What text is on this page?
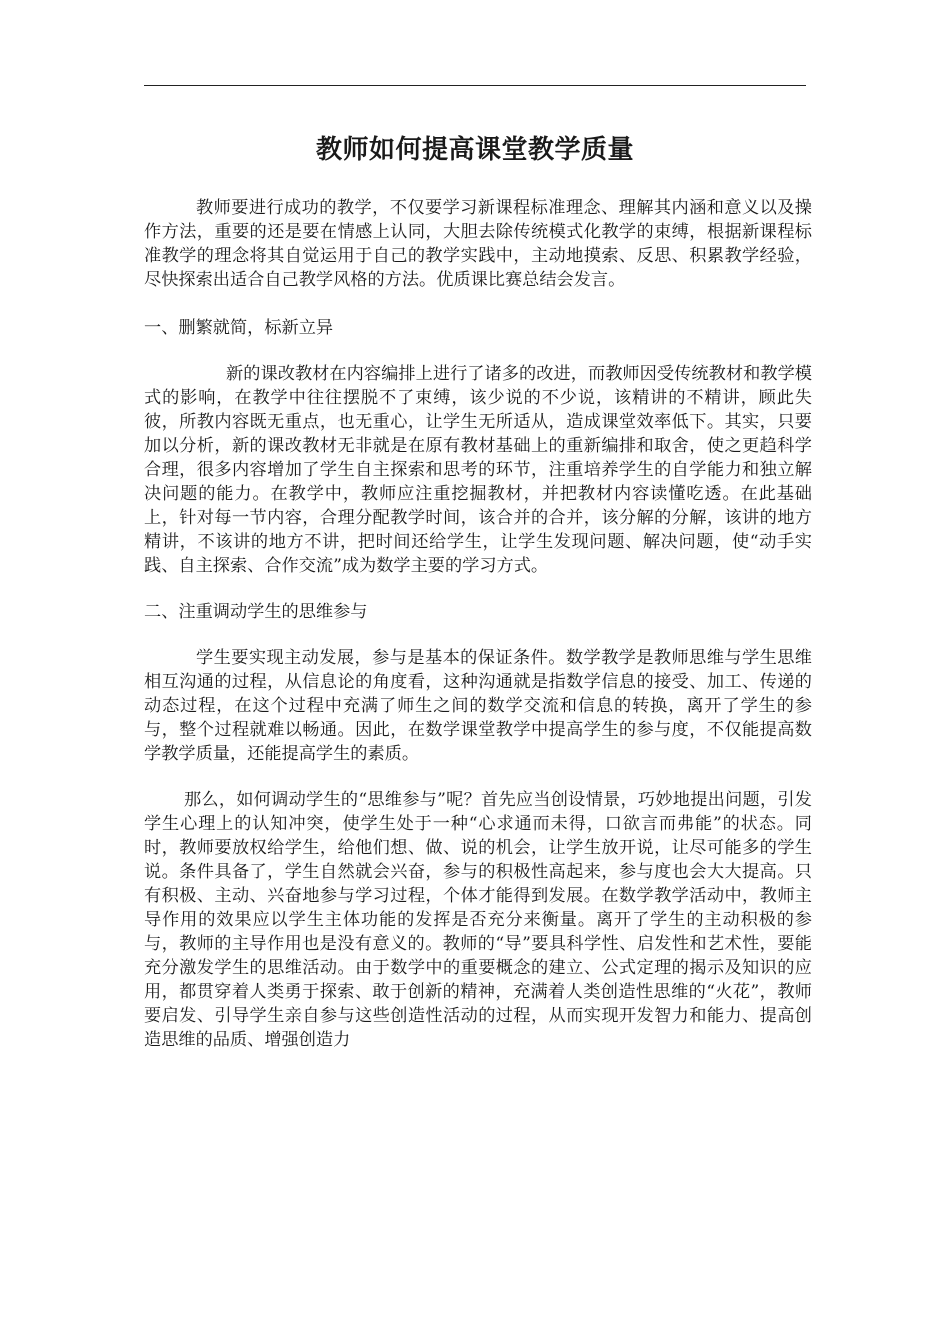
教师如何提高课堂教学质量

教师要进行成功的教学，不仅要学习新课程标准理念、理解其内涵和意义以及操作方法，重要的还是要在情感上认同，大胆去除传统模式化教学的束缚，根据新课程标准教学的理念将其自觉运用于自己的教学实践中，主动地摸索、反思、积累教学经验，尽快探索出适合自己教学风格的方法。优质课比赛总结会发言。

一、删繁就简，标新立异

新的课改教材在内容编排上进行了诸多的改进，而教师因受传统教材和教学模式的影响，在教学中往往摆脱不了束缚，该少说的不少说，该精讲的不精讲，顾此失彼，所教内容既无重点，也无重心，让学生无所适从，造成课堂效率低下。其实，只要加以分析，新的课改教材无非就是在原有教材基础上的重新编排和取舍，使之更趋科学合理，很多内容增加了学生自主探索和思考的环节，注重培养学生的自学能力和独立解决问题的能力。在教学中，教师应注重挖掘教材，并把教材内容读懂吃透。在此基础上，针对每一节内容，合理分配教学时间，该合并的合并，该分解的分解，该讲的地方精讲，不该讲的地方不讲，把时间还给学生，让学生发现问题、解决问题，使“动手实践、自主探索、合作交流”成为数学主要的学习方式。

二、注重调动学生的思维参与

学生要实现主动发展，参与是基本的保证条件。数学教学是教师思维与学生思维相互沟通的过程，从信息论的角度看，这种沟通就是指数学信息的接受、加工、传递的动态过程，在这个过程中充满了师生之间的数学交流和信息的转换，离开了学生的参与，整个过程就难以畅通。因此，在数学课堂教学中提高学生的参与度，不仅能提高数学教学质量，还能提高学生的素质。

那么，如何调动学生的“思维参与”呢？首先应当创设情景，巧妙地提出问题，引发学生心理上的认知冲突，使学生处于一种“心求通而未得，口欲言而弗能”的状态。同时，教师要放权给学生，给他们想、做、说的机会，让学生放开说，让尽可能多的学生说。条件具备了，学生自然就会兴奋，参与的积极性高起来，参与度也会大大提高。只有积极、主动、兴奋地参与学习过程，个体才能得到发展。在数学教学活动中，教师主导作用的效果应以学生主体功能的发挥是否充分来衡量。离开了学生的主动积极的参与，教师的主导作用也是没有意义的。教师的“导”要具科学性、启发性和艺术性，要能充分激发学生的思维活动。由于数学中的重要概念的建立、公式定理的揭示及知识的应用，都贯穿着人类勇于探索、敢于创新的精神，充满着人类创造性思维的“火花”，教师要启发、引导学生亲自参与这些创造性活动的过程，从而实现开发智力和能力、提高创造思维的品质、增强创造力
